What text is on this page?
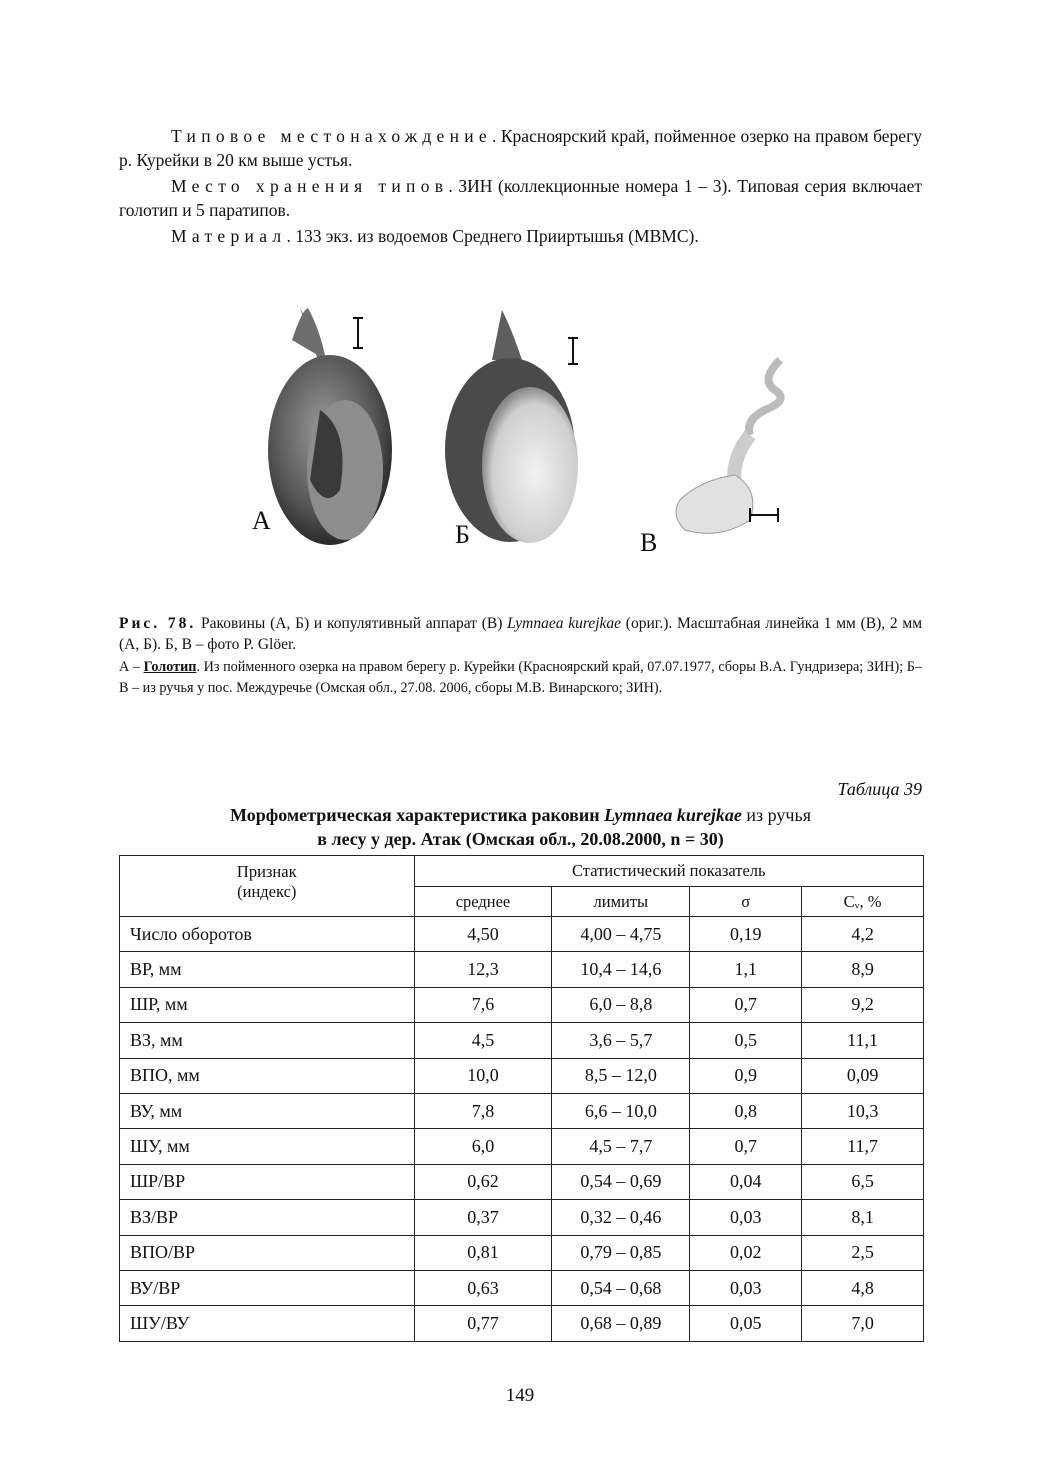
Типовое местонахождение. Красноярский край, пойменное озерко на правом берегу р. Курейки в 20 км выше устья.
Место хранения типов. ЗИН (коллекционные номера 1 – 3). Типовая серия включает голотип и 5 паратипов.
Материал. 133 экз. из водоемов Среднего Прииртышья (МВМС).
А	Б	В
Рис. 78. Раковины (А, Б) и копулятивный аппарат (В) Lymnaea kurejkae (ориг.). Масштабная линейка 1 мм (В), 2 мм (А, Б). Б, В – фото P. Glöer.
А – Голотип. Из пойменного озерка на правом берегу р. Курейки (Красноярский край, 07.07.1977, сборы В.А. Гундризера; ЗИН); Б–В – из ручья у пос. Междуречье (Омская обл., 27.08. 2006, сборы М.В. Винарского; ЗИН).
Таблица 39
Морфометрическая характеристика раковин Lymnaea kurejkae из ручья
в лесу у дер. Атак (Омская обл., 20.08.2000, n = 30)
Признак
(индекс)	Статистический показатель			
	среднее	лимиты	σ	Cᵥ, %
Число оборотов	4,50	4,00 – 4,75	0,19	4,2
ВР, мм	12,3	10,4 – 14,6	1,1	8,9
ШР, мм	7,6	6,0 – 8,8	0,7	9,2
ВЗ, мм	4,5	3,6 – 5,7	0,5	11,1
ВПО, мм	10,0	8,5 – 12,0	0,9	0,09
ВУ, мм	7,8	6,6 – 10,0	0,8	10,3
ШУ, мм	6,0	4,5 – 7,7	0,7	11,7
ШР/ВР	0,62	0,54 – 0,69	0,04	6,5
ВЗ/ВР	0,37	0,32 – 0,46	0,03	8,1
ВПО/ВР	0,81	0,79 – 0,85	0,02	2,5
ВУ/ВР	0,63	0,54 – 0,68	0,03	4,8
ШУ/ВУ	0,77	0,68 – 0,89	0,05	7,0
149
